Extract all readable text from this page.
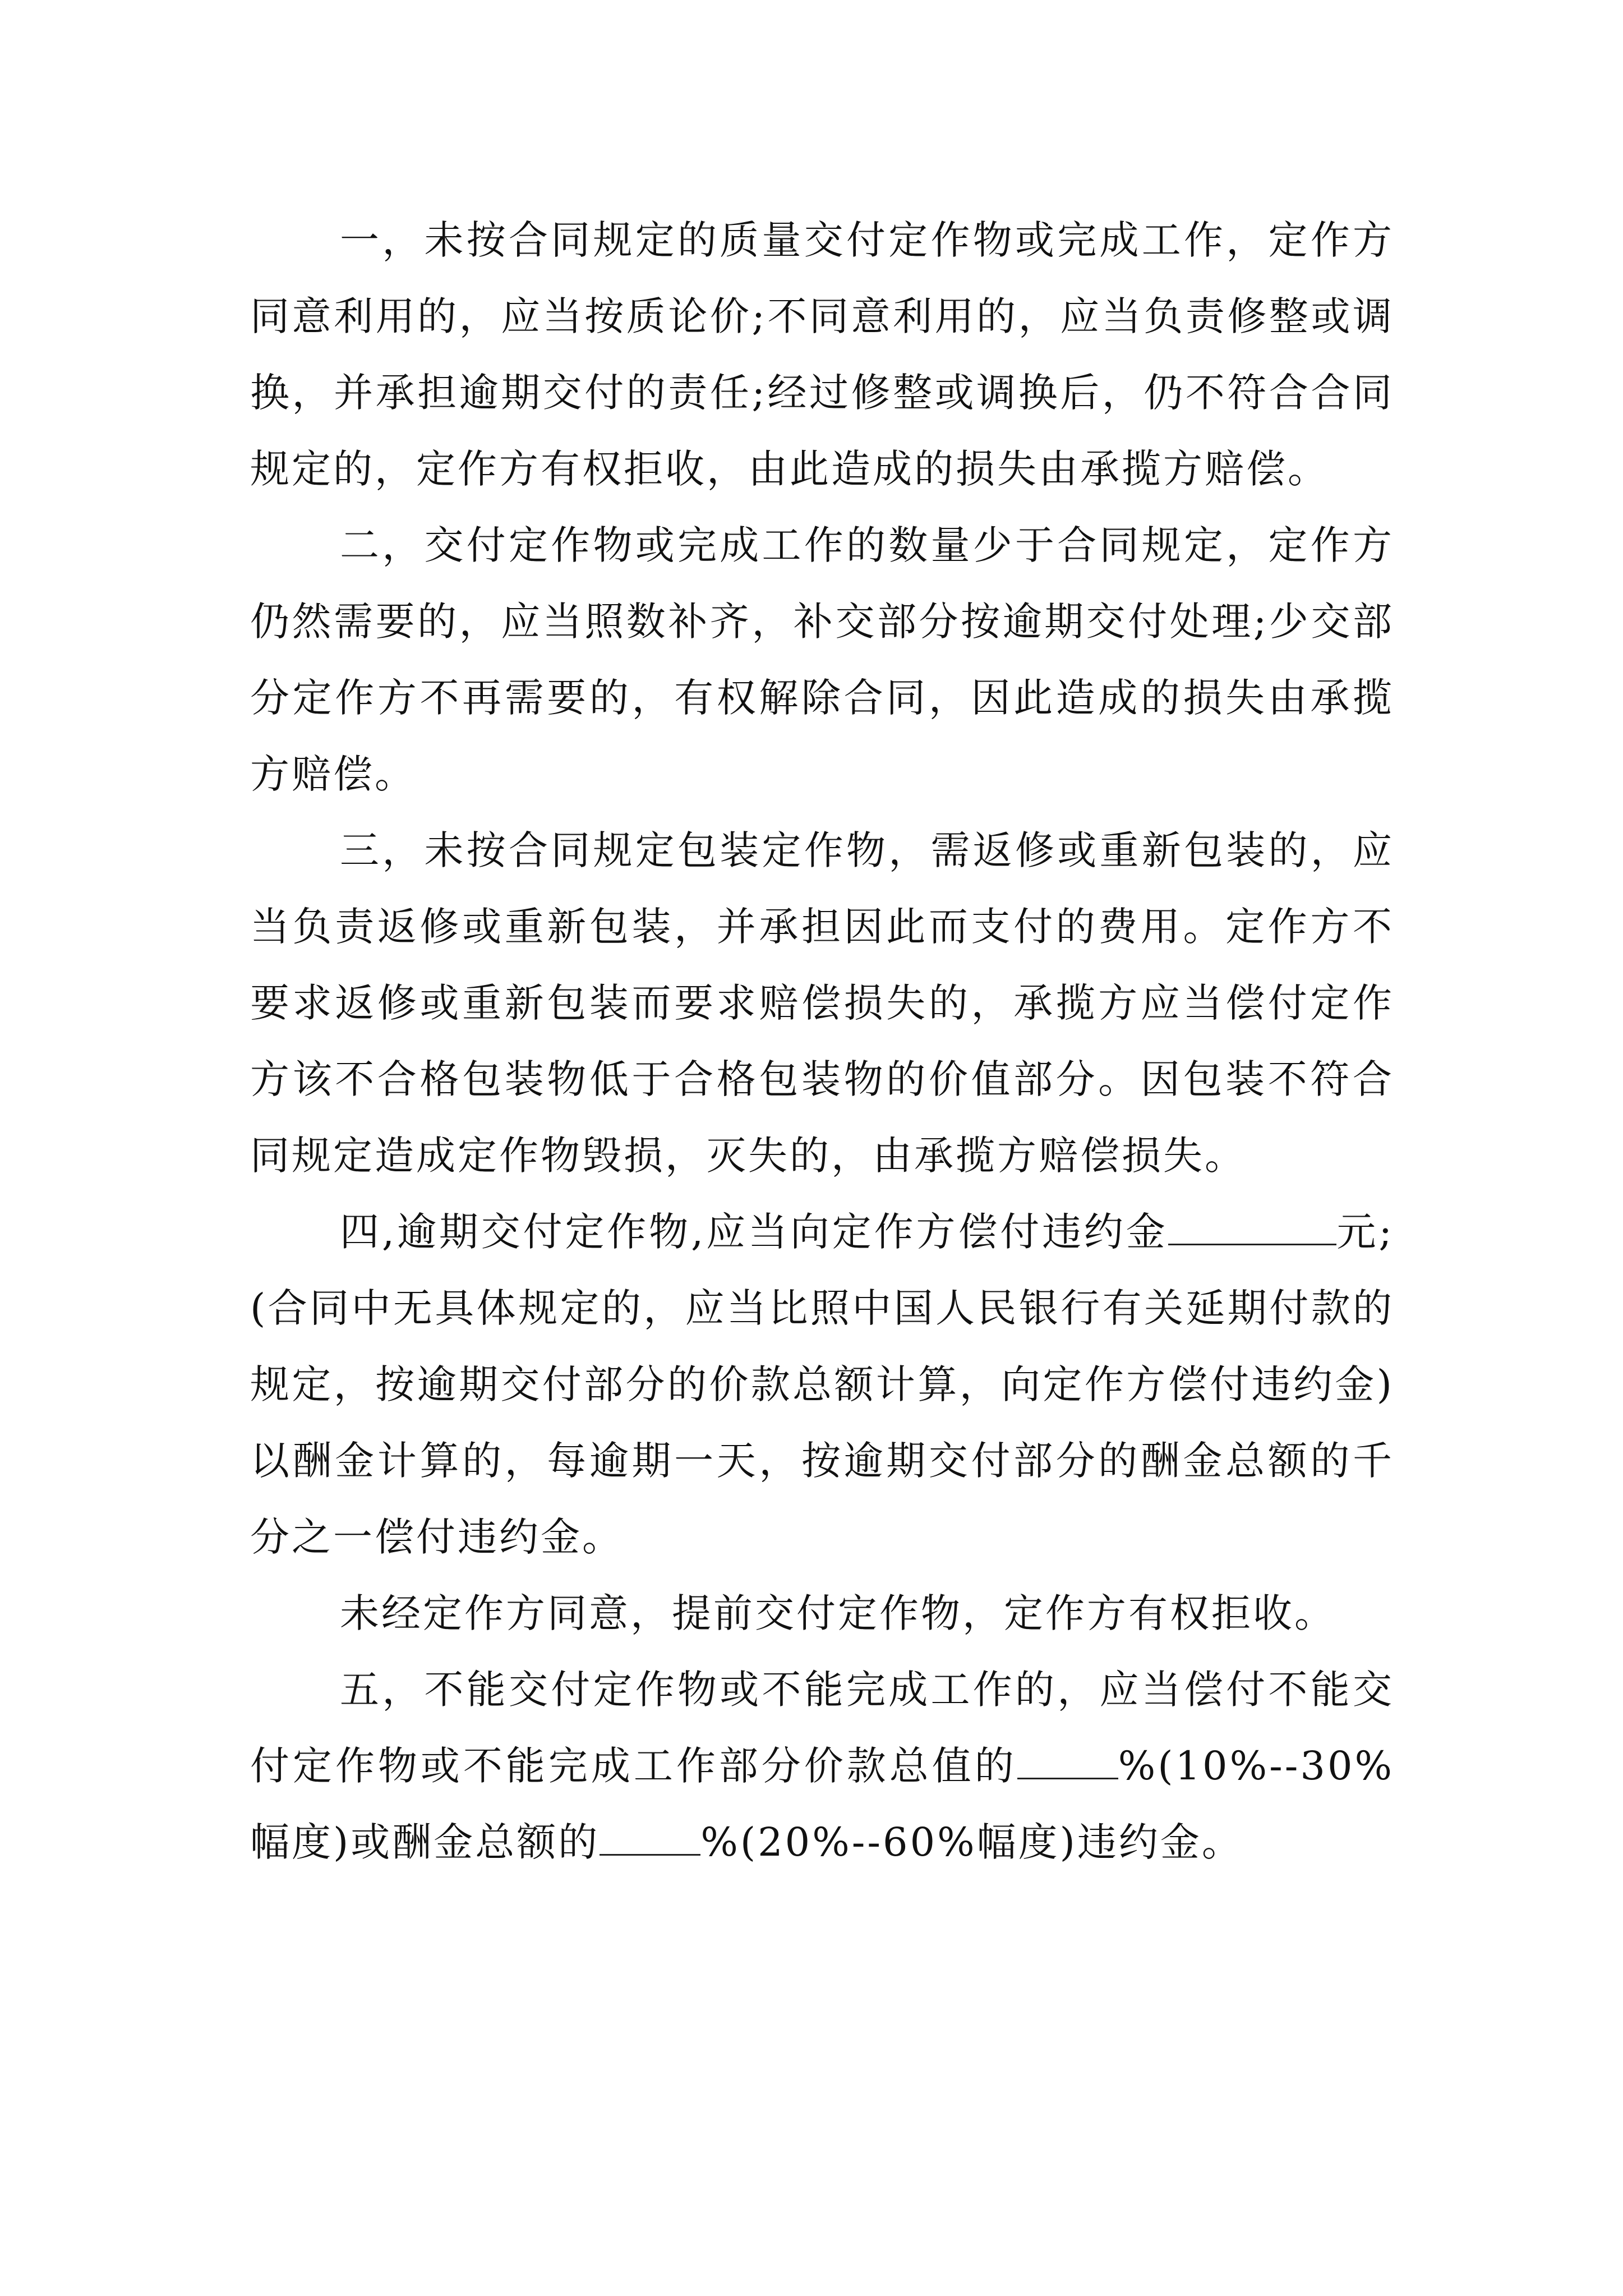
一，未按合同规定的质量交付定作物或完成工作，定作方同意利用的，应当按质论价;不同意利用的，应当负责修整或调换，并承担逾期交付的责任;经过修整或调换后，仍不符合合同规定的，定作方有权拒收，由此造成的损失由承揽方赔偿。

二，交付定作物或完成工作的数量少于合同规定，定作方仍然需要的，应当照数补齐，补交部分按逾期交付处理;少交部分定作方不再需要的，有权解除合同，因此造成的损失由承揽方赔偿。

三，未按合同规定包装定作物，需返修或重新包装的，应当负责返修或重新包装，并承担因此而支付的费用。定作方不要求返修或重新包装而要求赔偿损失的，承揽方应当偿付定作方该不合格包装物低于合格包装物的价值部分。因包装不符合同规定造成定作物毁损，灭失的，由承揽方赔偿损失。

四,逾期交付定作物,应当向定作方偿付违约金	元;(合同中无具体规定的，应当比照中国人民银行有关延期付款的规定，按逾期交付部分的价款总额计算，向定作方偿付违约金)以酬金计算的，每逾期一天，按逾期交付部分的酬金总额的千分之一偿付违约金。

未经定作方同意，提前交付定作物，定作方有权拒收。

五，不能交付定作物或不能完成工作的，应当偿付不能交付定作物或不能完成工作部分价款总值的	%(10%--30%幅度)或酬金总额的	%(20%--60%幅度)违约金。
